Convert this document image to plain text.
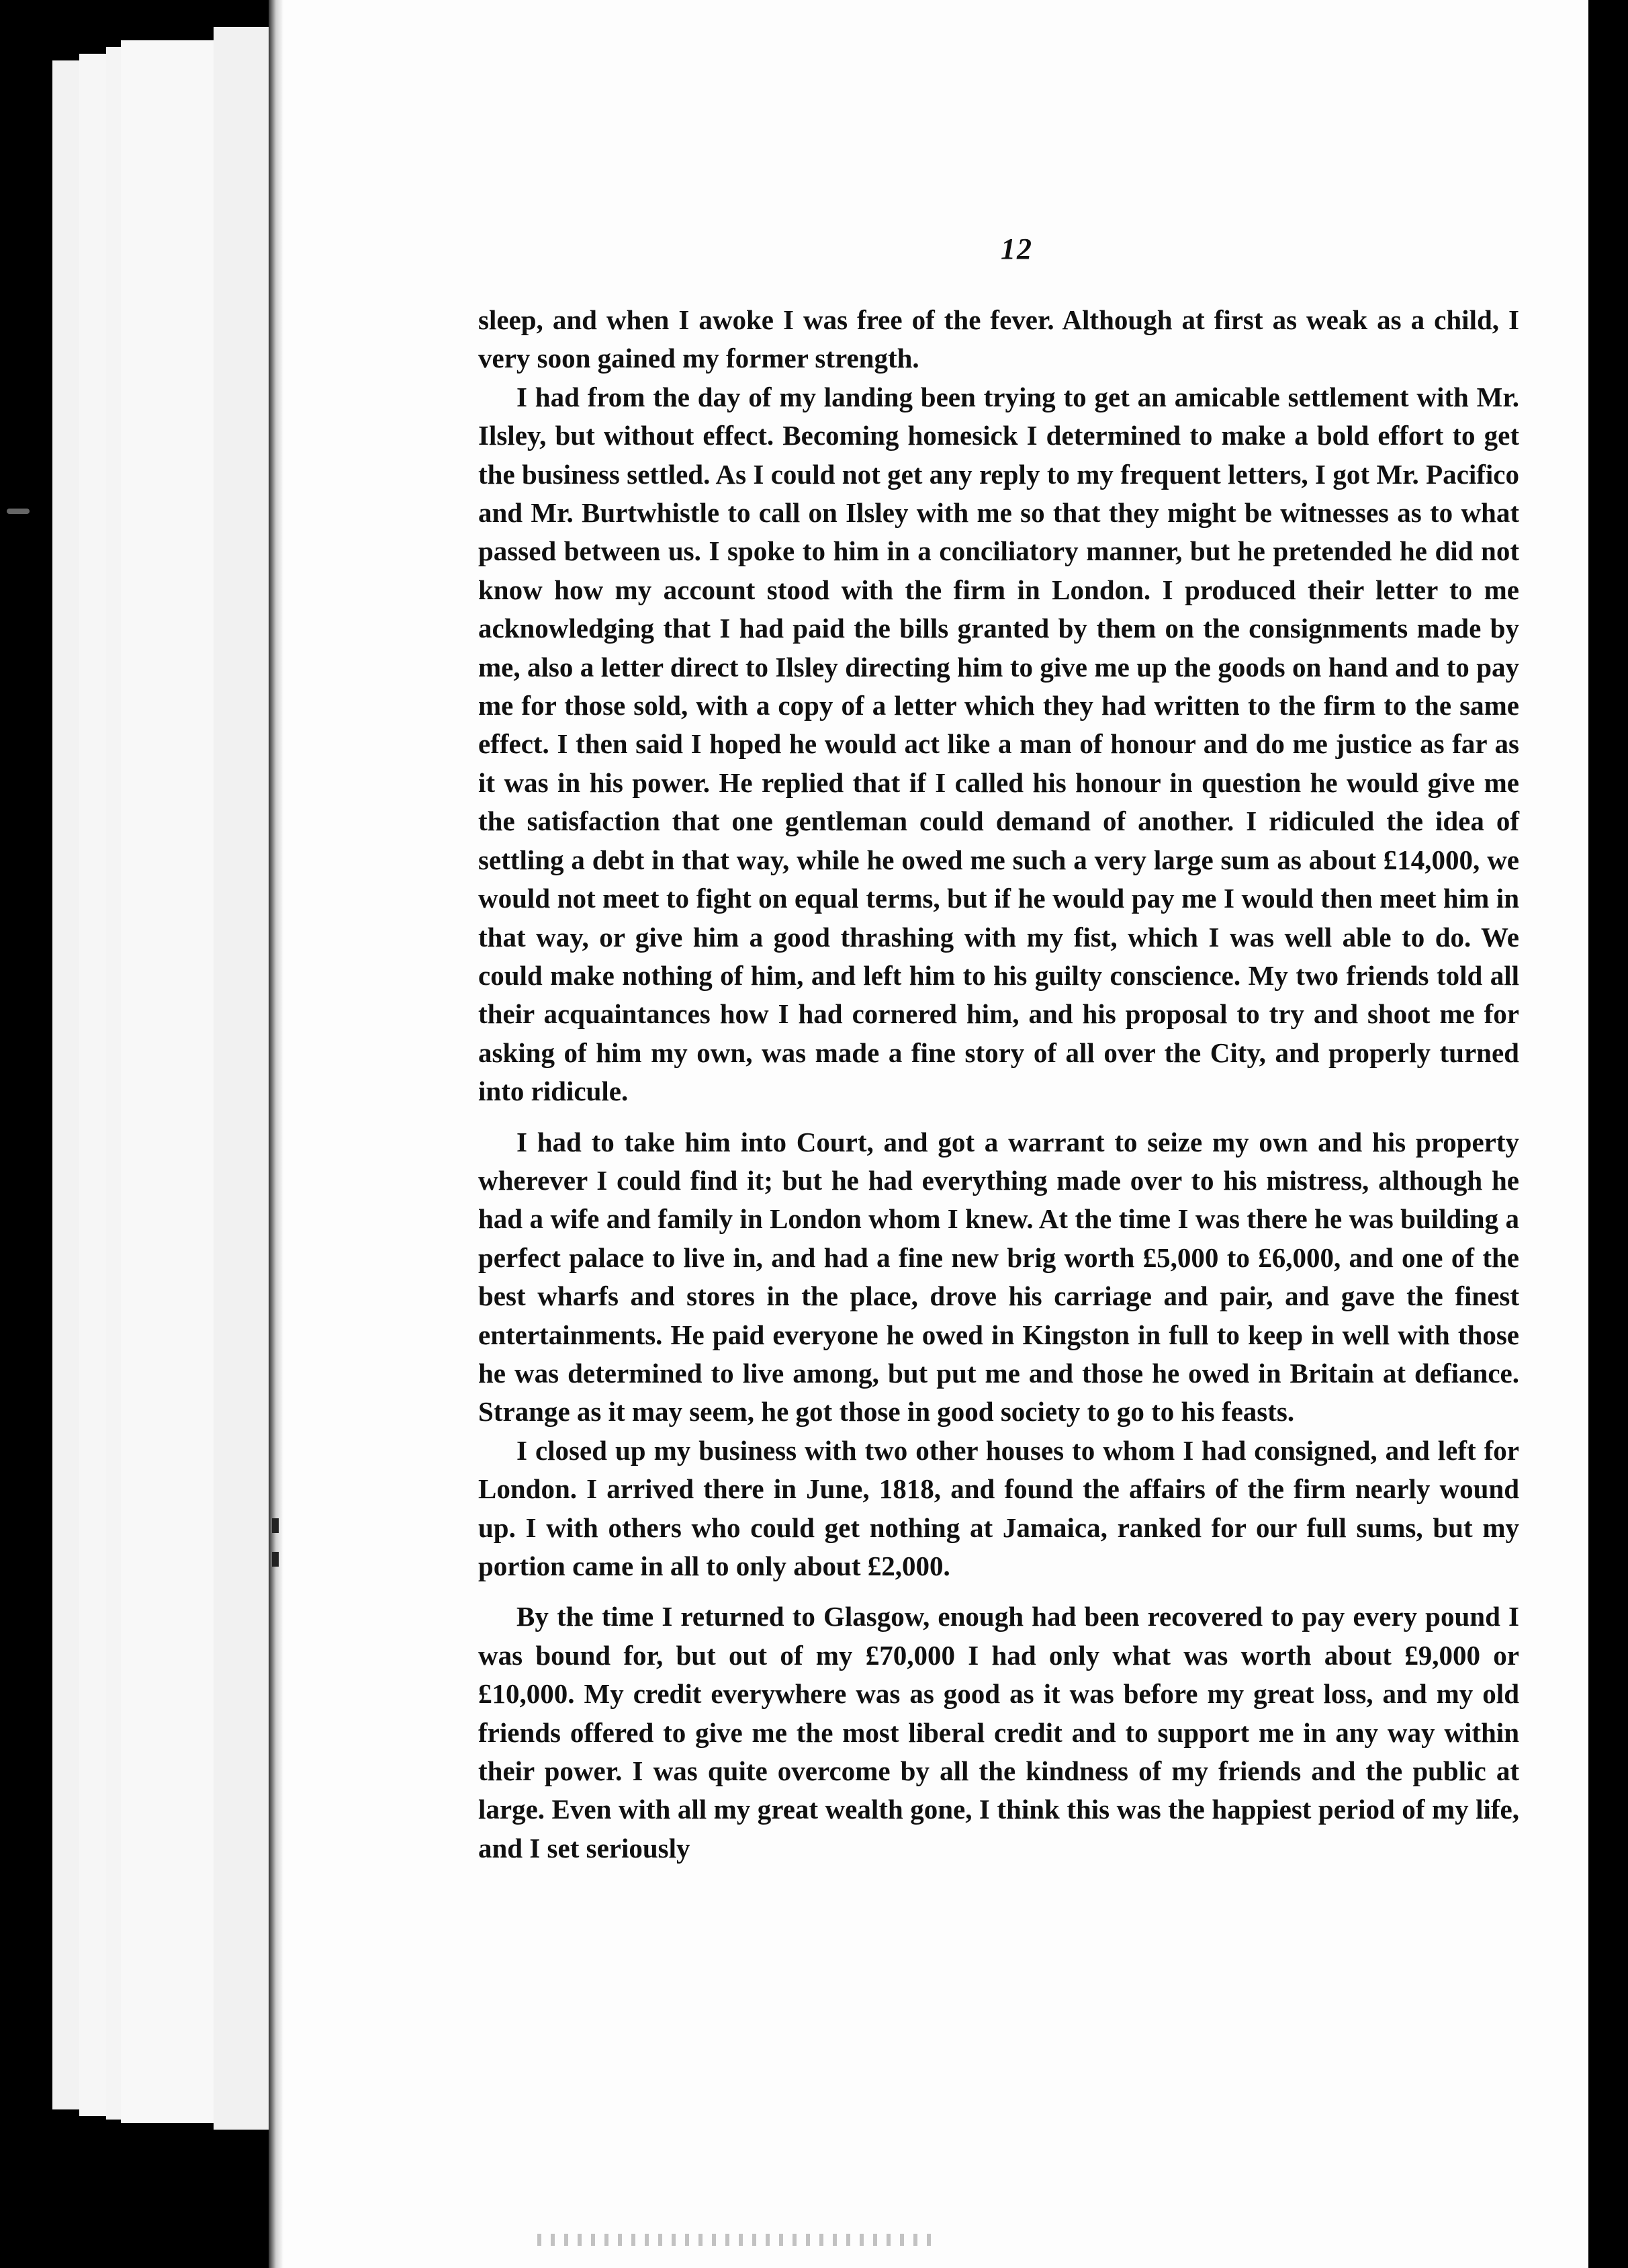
12

sleep, and when I awoke I was free of the fever. Although at first as weak as a child, I very soon gained my former strength.

I had from the day of my landing been trying to get an amicable settlement with Mr. Ilsley, but without effect. Becoming homesick I determined to make a bold effort to get the business settled. As I could not get any reply to my frequent letters, I got Mr. Pacifico and Mr. Burtwhistle to call on Ilsley with me so that they might be witnesses as to what passed between us. I spoke to him in a conciliatory manner, but he pretended he did not know how my account stood with the firm in London. I produced their letter to me acknowledging that I had paid the bills granted by them on the consignments made by me, also a letter direct to Ilsley directing him to give me up the goods on hand and to pay me for those sold, with a copy of a letter which they had written to the firm to the same effect. I then said I hoped he would act like a man of honour and do me justice as far as it was in his power. He replied that if I called his honour in question he would give me the satisfaction that one gentleman could demand of another. I ridiculed the idea of settling a debt in that way, while he owed me such a very large sum as about £14,000, we would not meet to fight on equal terms, but if he would pay me I would then meet him in that way, or give him a good thrashing with my fist, which I was well able to do. We could make nothing of him, and left him to his guilty conscience. My two friends told all their acquaintances how I had cornered him, and his proposal to try and shoot me for asking of him my own, was made a fine story of all over the City, and properly turned into ridicule.

I had to take him into Court, and got a warrant to seize my own and his property wherever I could find it; but he had everything made over to his mistress, although he had a wife and family in London whom I knew. At the time I was there he was building a perfect palace to live in, and had a fine new brig worth £5,000 to £6,000, and one of the best wharfs and stores in the place, drove his carriage and pair, and gave the finest entertainments. He paid everyone he owed in Kingston in full to keep in well with those he was determined to live among, but put me and those he owed in Britain at defiance. Strange as it may seem, he got those in good society to go to his feasts.

I closed up my business with two other houses to whom I had consigned, and left for London. I arrived there in June, 1818, and found the affairs of the firm nearly wound up. I with others who could get nothing at Jamaica, ranked for our full sums, but my portion came in all to only about £2,000.

By the time I returned to Glasgow, enough had been recovered to pay every pound I was bound for, but out of my £70,000 I had only what was worth about £9,000 or £10,000. My credit everywhere was as good as it was before my great loss, and my old friends offered to give me the most liberal credit and to support me in any way within their power. I was quite overcome by all the kindness of my friends and the public at large. Even with all my great wealth gone, I think this was the happiest period of my life, and I set seriously
